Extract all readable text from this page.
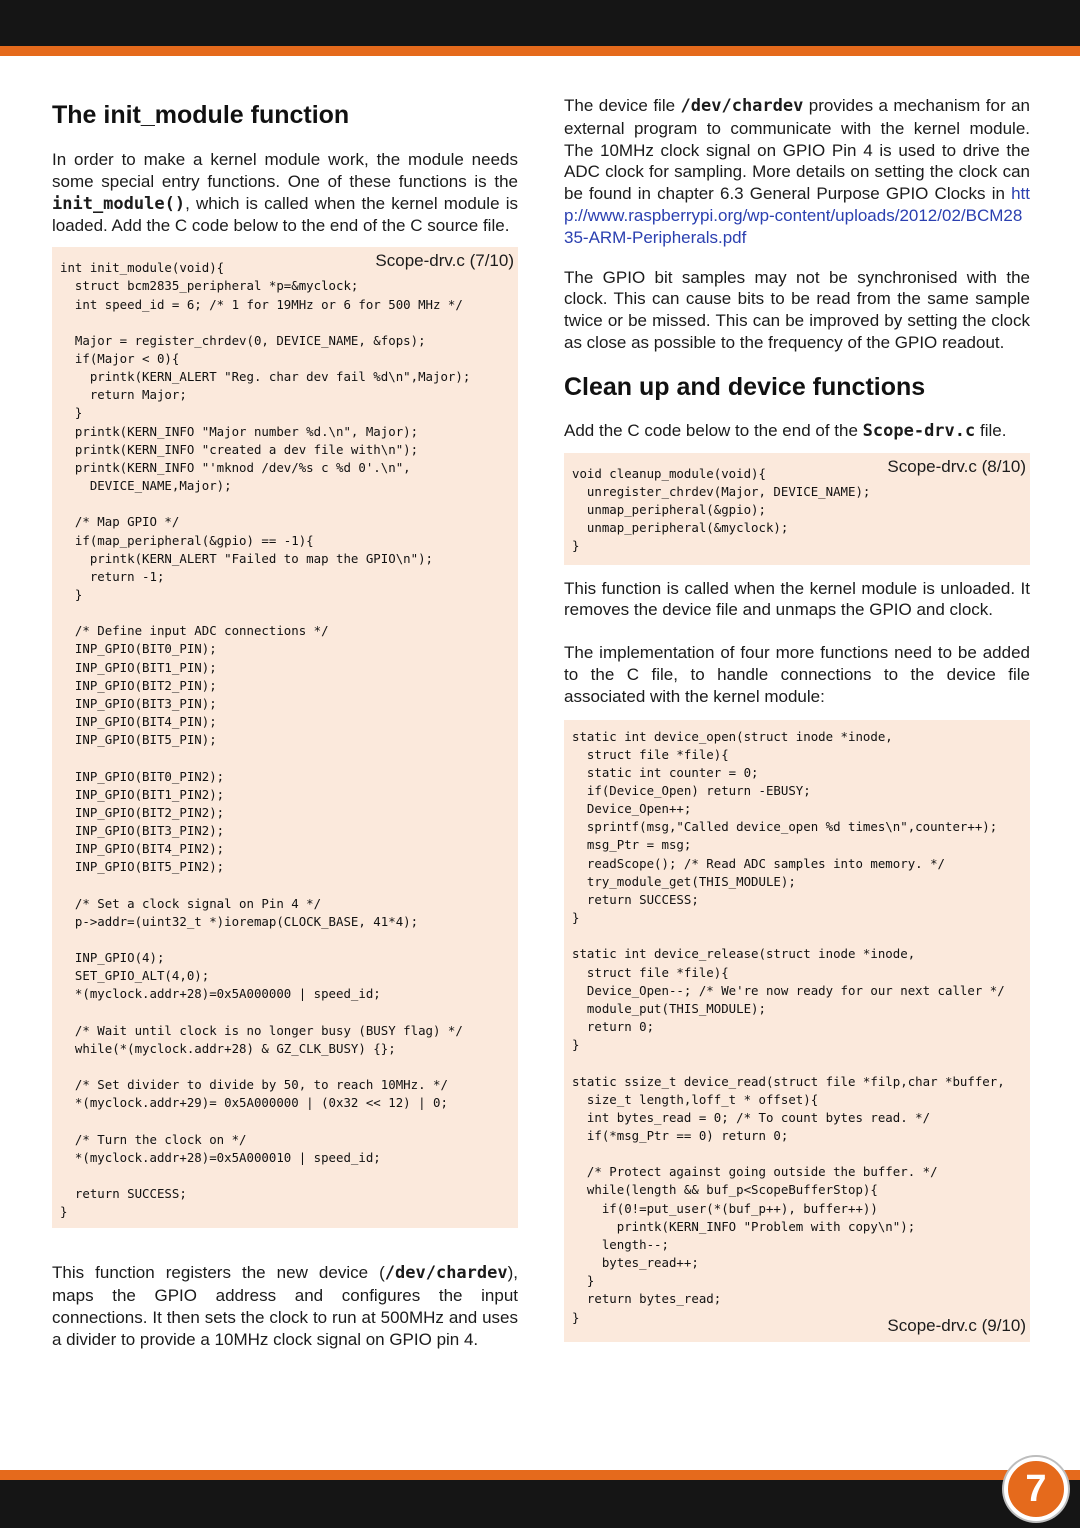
The init_module function

In order to make a kernel module work, the module needs some special entry functions. One of these functions is the init_module(), which is called when the kernel module is loaded. Add the C code below to the end of the C source file.

Scope-drv.c (7/10)
int init_module(void){
struct bcm2835_peripheral *p=&myclock;
int speed_id = 6; /* 1 for 19MHz or 6 for 500 MHz */

Major = register_chrdev(0, DEVICE_NAME, &fops);
if(Major < 0){
printk(KERN_ALERT "Reg. char dev fail %d\n",Major);
return Major;
}
printk(KERN_INFO "Major number %d.\n", Major);
printk(KERN_INFO "created a dev file with\n");
printk(KERN_INFO "'mknod /dev/%s c %d 0'.\n",
DEVICE_NAME,Major);

/* Map GPIO */
if(map_peripheral(&gpio) == -1){
printk(KERN_ALERT "Failed to map the GPIO\n");
return -1;
}

/* Define input ADC connections */
INP_GPIO(BIT0_PIN);
INP_GPIO(BIT1_PIN);
INP_GPIO(BIT2_PIN);
INP_GPIO(BIT3_PIN);
INP_GPIO(BIT4_PIN);
INP_GPIO(BIT5_PIN);

INP_GPIO(BIT0_PIN2);
INP_GPIO(BIT1_PIN2);
INP_GPIO(BIT2_PIN2);
INP_GPIO(BIT3_PIN2);
INP_GPIO(BIT4_PIN2);
INP_GPIO(BIT5_PIN2);

/* Set a clock signal on Pin 4 */
p->addr=(uint32_t *)ioremap(CLOCK_BASE, 41*4);

INP_GPIO(4);
SET_GPIO_ALT(4,0);
*(myclock.addr+28)=0x5A000000 | speed_id;

/* Wait until clock is no longer busy (BUSY flag) */
while(*(myclock.addr+28) & GZ_CLK_BUSY) {};

/* Set divider to divide by 50, to reach 10MHz. */
*(myclock.addr+29)= 0x5A000000 | (0x32 << 12) | 0;

/* Turn the clock on */
*(myclock.addr+28)=0x5A000010 | speed_id;

return SUCCESS;
}

This function registers the new device (/dev/chardev), maps the GPIO address and configures the input connections. It then sets the clock to run at 500MHz and uses a divider to provide a 10MHz clock signal on GPIO pin 4.

The device file /dev/chardev provides a mechanism for an external program to communicate with the kernel module. The 10MHz clock signal on GPIO Pin 4 is used to drive the ADC clock for sampling. More details on setting the clock can be found in chapter 6.3 General Purpose GPIO Clocks in http://www.raspberrypi.org/wp-content/uploads/2012/02/BCM2835-ARM-Peripherals.pdf

The GPIO bit samples may not be synchronised with the clock. This can cause bits to be read from the same sample twice or be missed. This can be improved by setting the clock as close as possible to the frequency of the GPIO readout.

Clean up and device functions

Add the C code below to the end of the Scope-drv.c file.

Scope-drv.c (8/10)
void cleanup_module(void){
unregister_chrdev(Major, DEVICE_NAME);
unmap_peripheral(&gpio);
unmap_peripheral(&myclock);
}

This function is called when the kernel module is unloaded. It removes the device file and unmaps the GPIO and clock.

The implementation of four more functions need to be added to the C file, to handle connections to the device file associated with the kernel module:

static int device_open(struct inode *inode,
struct file *file){
static int counter = 0;
if(Device_Open) return -EBUSY;
Device_Open++;
sprintf(msg,"Called device_open %d times\n",counter++);
msg_Ptr = msg;
readScope(); /* Read ADC samples into memory. */
try_module_get(THIS_MODULE);
return SUCCESS;
}

static int device_release(struct inode *inode,
struct file *file){
Device_Open--; /* We're now ready for our next caller */
module_put(THIS_MODULE);
return 0;
}

static ssize_t device_read(struct file *filp,char *buffer,
size_t length,loff_t * offset){
int bytes_read = 0; /* To count bytes read. */
if(*msg_Ptr == 0) return 0;

/* Protect against going outside the buffer. */
while(length && buf_p<ScopeBufferStop){
if(0!=put_user(*(buf_p++), buffer++))
printk(KERN_INFO "Problem with copy\n");
length--;
bytes_read++;
}
return bytes_read;
}	Scope-drv.c (9/10)
7
